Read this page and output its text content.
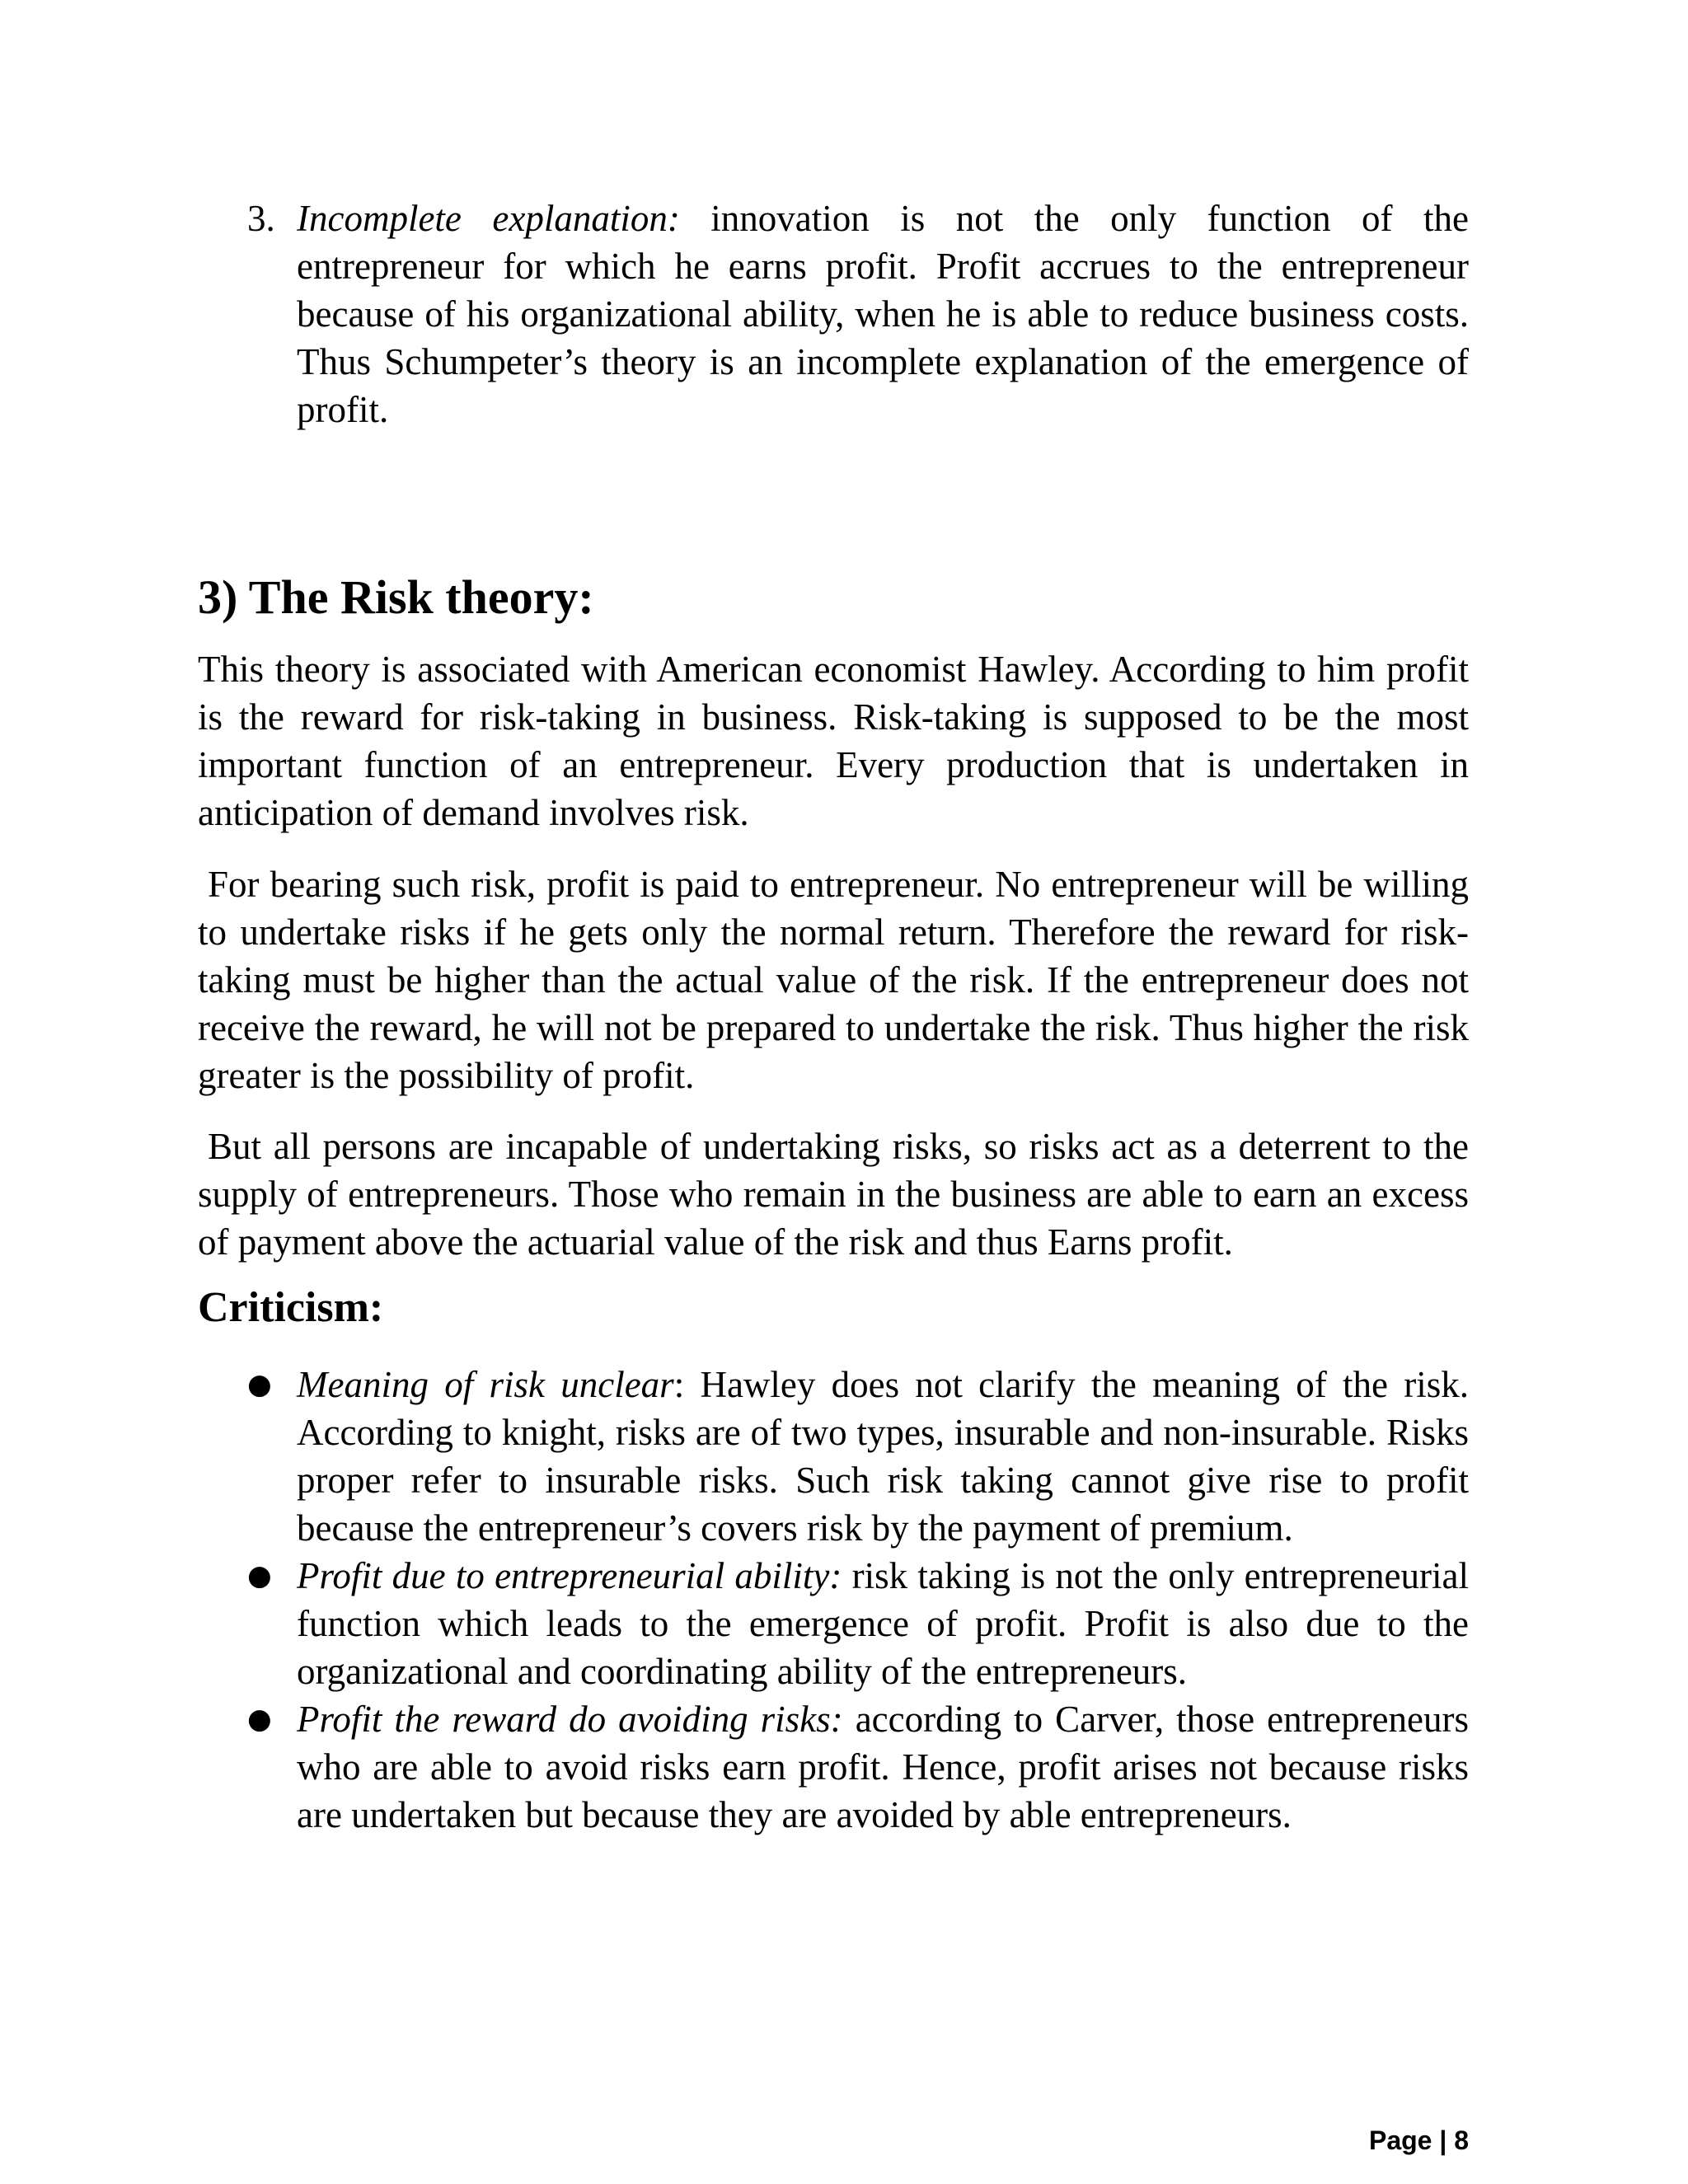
3. Incomplete explanation: innovation is not the only function of the entrepreneur for which he earns profit. Profit accrues to the entrepreneur because of his organizational ability, when he is able to reduce business costs. Thus Schumpeter’s theory is an incomplete explanation of the emergence of profit.
3) The Risk theory:

This theory is associated with American economist Hawley. According to him profit is the reward for risk-taking in business. Risk-taking is supposed to be the most important function of an entrepreneur. Every production that is undertaken in anticipation of demand involves risk.

For bearing such risk, profit is paid to entrepreneur. No entrepreneur will be willing to undertake risks if he gets only the normal return. Therefore the reward for risk-taking must be higher than the actual value of the risk. If the entrepreneur does not receive the reward, he will not be prepared to undertake the risk. Thus higher the risk greater is the possibility of profit.

But all persons are incapable of undertaking risks, so risks act as a deterrent to the supply of entrepreneurs. Those who remain in the business are able to earn an excess of payment above the actuarial value of the risk and thus Earns profit.

Criticism:
● Meaning of risk unclear: Hawley does not clarify the meaning of the risk. According to knight, risks are of two types, insurable and non-insurable. Risks proper refer to insurable risks. Such risk taking cannot give rise to profit because the entrepreneur’s covers risk by the payment of premium.
● Profit due to entrepreneurial ability: risk taking is not the only entrepreneurial function which leads to the emergence of profit. Profit is also due to the organizational and coordinating ability of the entrepreneurs.
● Profit the reward do avoiding risks: according to Carver, those entrepreneurs who are able to avoid risks earn profit. Hence, profit arises not because risks are undertaken but because they are avoided by able entrepreneurs.
Page | 8
